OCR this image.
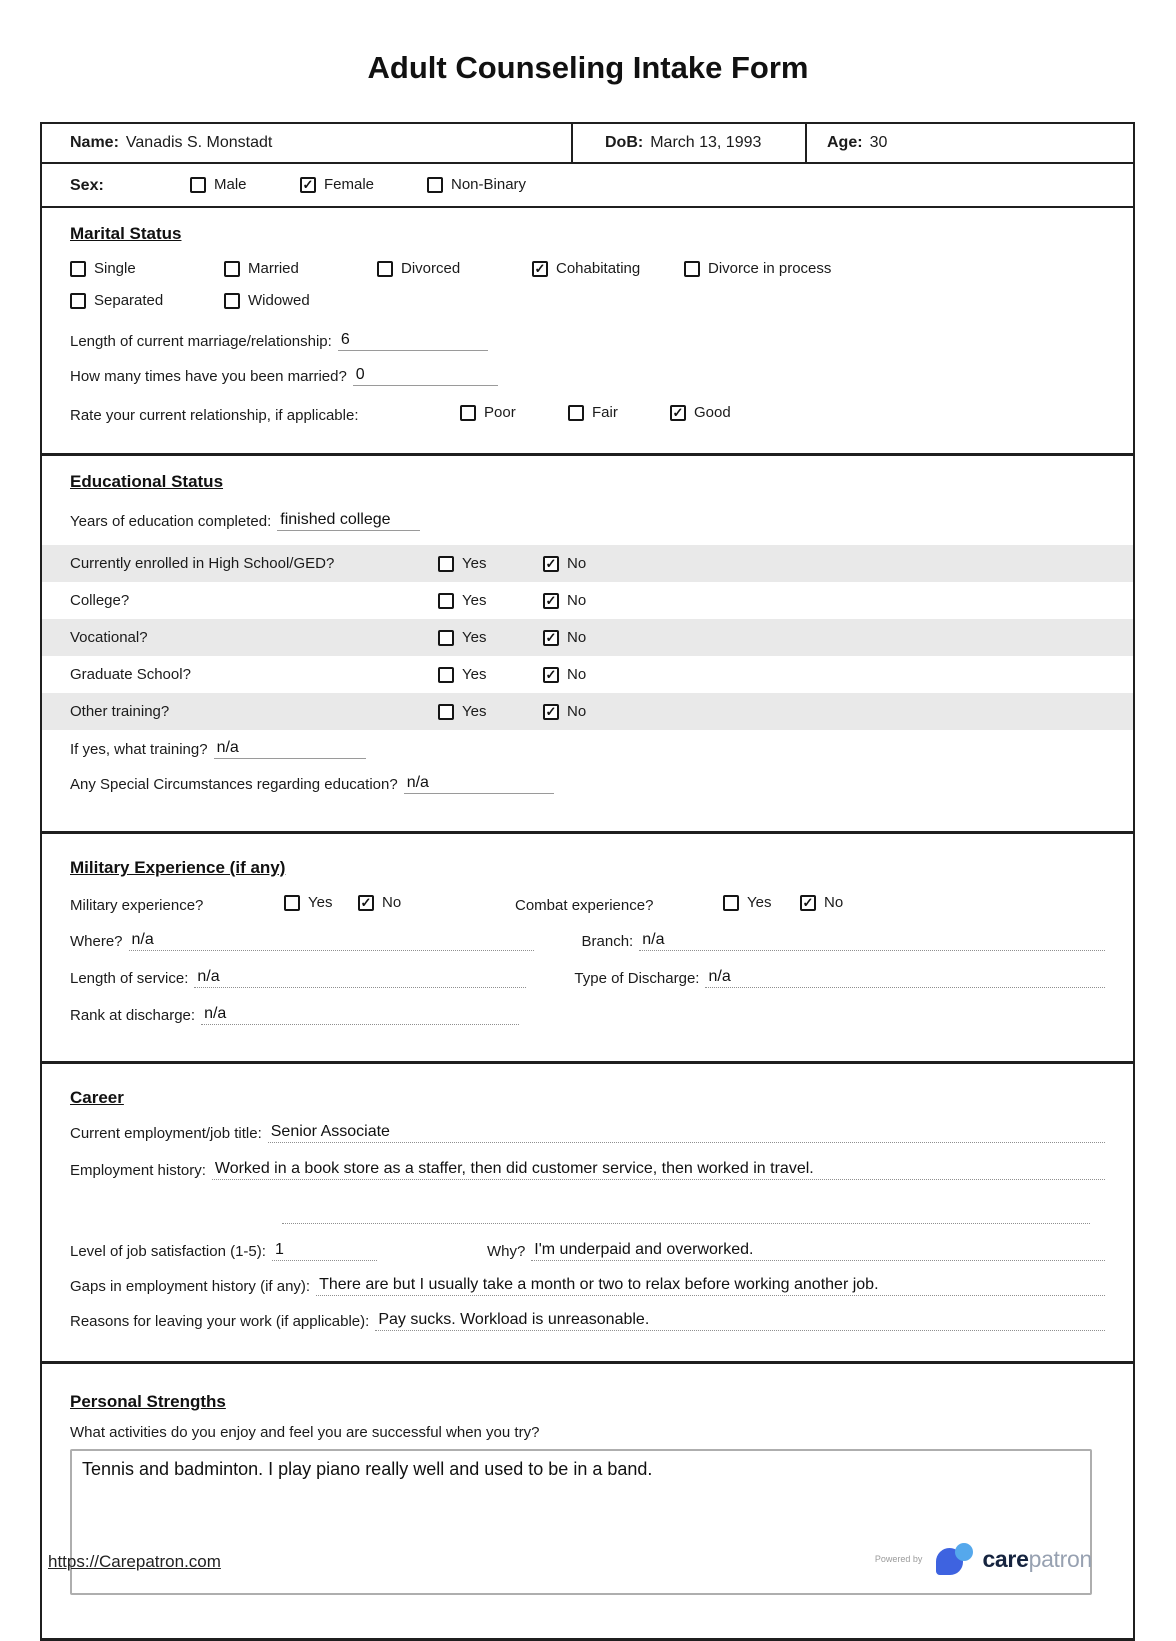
Adult Counseling Intake Form
Name: Vanadis S. Monstadt	DoB: March 13, 1993	Age: 30
Sex:	Male	✓ Female	Non-Binary
Marital Status
Single	Married	Divorced	✓ Cohabitating	Divorce in process
Separated	Widowed
Length of current marriage/relationship: 6
How many times have you been married? 0
Rate your current relationship, if applicable:	Poor	Fair	✓ Good
Educational Status
Years of education completed: finished college
Currently enrolled in High School/GED?	Yes	✓ No
College?	Yes	✓ No
Vocational?	Yes	✓ No
Graduate School?	Yes	✓ No
Other training?	Yes	✓ No
If yes, what training? n/a
Any Special Circumstances regarding education? n/a
Military Experience (if any)
Military experience?	Yes ✓ No	Combat experience?	Yes ✓ No
Where? n/a	Branch: n/a
Length of service: n/a	Type of Discharge: n/a
Rank at discharge: n/a
Career
Current employment/job title: Senior Associate
Employment history: Worked in a book store as a staffer, then did customer service, then worked in travel.
Level of job satisfaction (1-5): 1	Why? I'm underpaid and overworked.
Gaps in employment history (if any): There are but I usually take a month or two to relax before working another job.
Reasons for leaving your work (if applicable): Pay sucks. Workload is unreasonable.
Personal Strengths
What activities do you enjoy and feel you are successful when you try?
Tennis and badminton. I play piano really well and used to be in a band.
https://Carepatron.com	Powered by	carepatron
